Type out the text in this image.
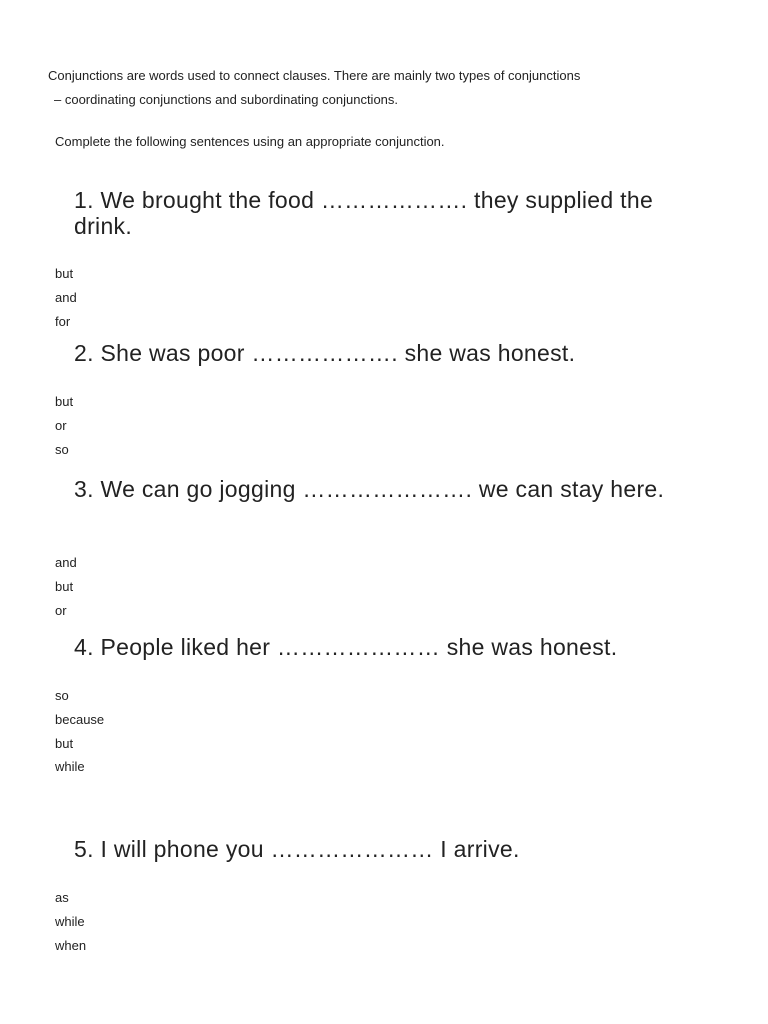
Conjunctions are words used to connect clauses. There are mainly two types of conjunctions
– coordinating conjunctions and subordinating conjunctions.
Complete the following sentences using an appropriate conjunction.
1. We brought the food ………………. they supplied the drink.
but
and
for
2. She was poor ………………. she was honest.
but
or
so
3. We can go jogging …………………. we can stay here.
and
but
or
4. People liked her ………………… she was honest.
so
because
but
while
5. I will phone you ………………… I arrive.
as
while
when
